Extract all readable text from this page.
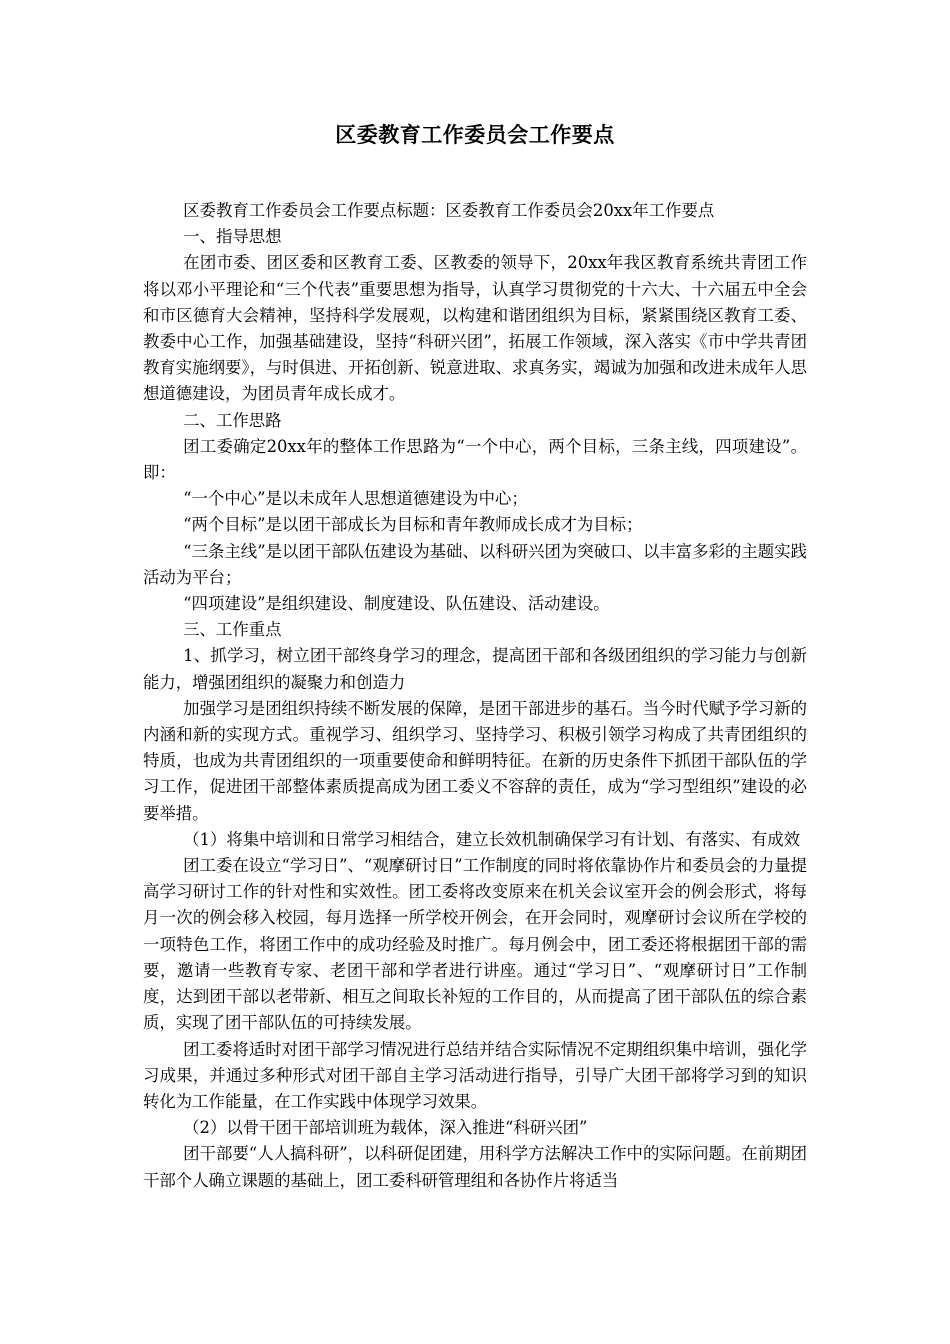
区委教育工作委员会工作要点

区委教育工作委员会工作要点标题：区委教育工作委员会20xx年工作要点

一、指导思想

在团市委、团区委和区教育工委、区教委的领导下，20xx年我区教育系统共青团工作将以邓小平理论和“三个代表”重要思想为指导，认真学习贯彻党的十六大、十六届五中全会和市区德育大会精神，坚持科学发展观，以构建和谐团组织为目标，紧紧围绕区教育工委、教委中心工作，加强基础建设，坚持“科研兴团”，拓展工作领域，深入落实《市中学共青团教育实施纲要》，与时俱进、开拓创新、锐意进取、求真务实，竭诚为加强和改进未成年人思想道德建设，为团员青年成长成才。

二、工作思路

团工委确定20xx年的整体工作思路为“一个中心，两个目标，三条主线，四项建设”。即：

“一个中心”是以未成年人思想道德建设为中心；

“两个目标”是以团干部成长为目标和青年教师成长成才为目标；

“三条主线”是以团干部队伍建设为基础、以科研兴团为突破口、以丰富多彩的主题实践活动为平台；

“四项建设”是组织建设、制度建设、队伍建设、活动建设。

三、工作重点

1、抓学习，树立团干部终身学习的理念，提高团干部和各级团组织的学习能力与创新能力，增强团组织的凝聚力和创造力

加强学习是团组织持续不断发展的保障，是团干部进步的基石。当今时代赋予学习新的内涵和新的实现方式。重视学习、组织学习、坚持学习、积极引领学习构成了共青团组织的特质，也成为共青团组织的一项重要使命和鲜明特征。在新的历史条件下抓团干部队伍的学习工作，促进团干部整体素质提高成为团工委义不容辞的责任，成为“学习型组织”建设的必要举措。

（1）将集中培训和日常学习相结合，建立长效机制确保学习有计划、有落实、有成效

团工委在设立“学习日”、“观摩研讨日”工作制度的同时将依靠协作片和委员会的力量提高学习研讨工作的针对性和实效性。团工委将改变原来在机关会议室开会的例会形式，将每月一次的例会移入校园，每月选择一所学校开例会，在开会同时，观摩研讨会议所在学校的一项特色工作，将团工作中的成功经验及时推广。每月例会中，团工委还将根据团干部的需要，邀请一些教育专家、老团干部和学者进行讲座。通过“学习日”、“观摩研讨日”工作制度，达到团干部以老带新、相互之间取长补短的工作目的，从而提高了团干部队伍的综合素质，实现了团干部队伍的可持续发展。

团工委将适时对团干部学习情况进行总结并结合实际情况不定期组织集中培训，强化学习成果，并通过多种形式对团干部自主学习活动进行指导，引导广大团干部将学习到的知识转化为工作能量，在工作实践中体现学习效果。

（2）以骨干团干部培训班为载体，深入推进“科研兴团”

团干部要“人人搞科研”，以科研促团建，用科学方法解决工作中的实际问题。在前期团干部个人确立课题的基础上，团工委科研管理组和各协作片将适当
